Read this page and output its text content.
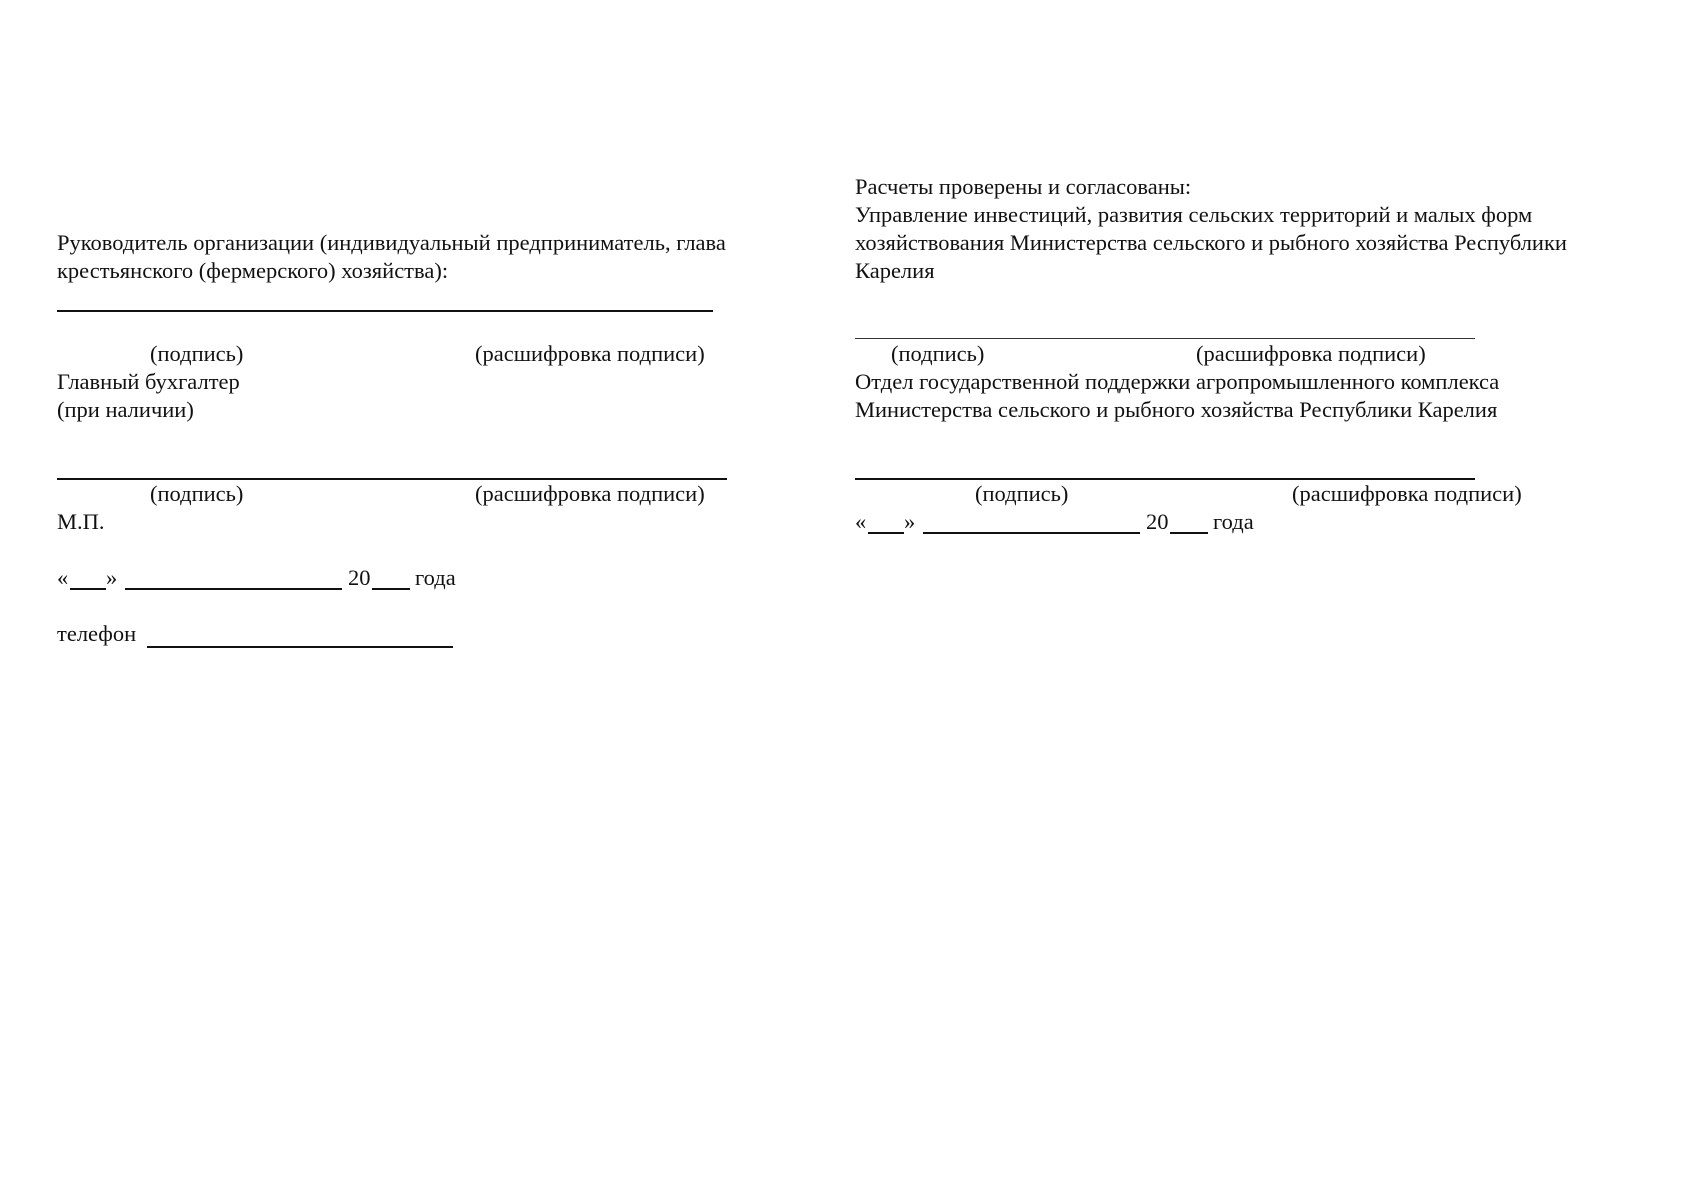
Руководитель организации (индивидуальный предприниматель, глава
крестьянского (фермерского) хозяйства):
(подпись)	(расшифровка подписи)
Главный бухгалтер
(при наличии)
(подпись)	(расшифровка подписи)
М.П.
« »	20 года
телефон
Расчеты проверены и согласованы:
Управление инвестиций, развития сельских территорий и малых форм
хозяйствования Министерства сельского и рыбного хозяйства Республики
Карелия
(подпись)	(расшифровка подписи)
Отдел государственной поддержки агропромышленного комплекса
Министерства сельского и рыбного хозяйства Республики Карелия
(подпись)	(расшифровка подписи)
« »	20 года
